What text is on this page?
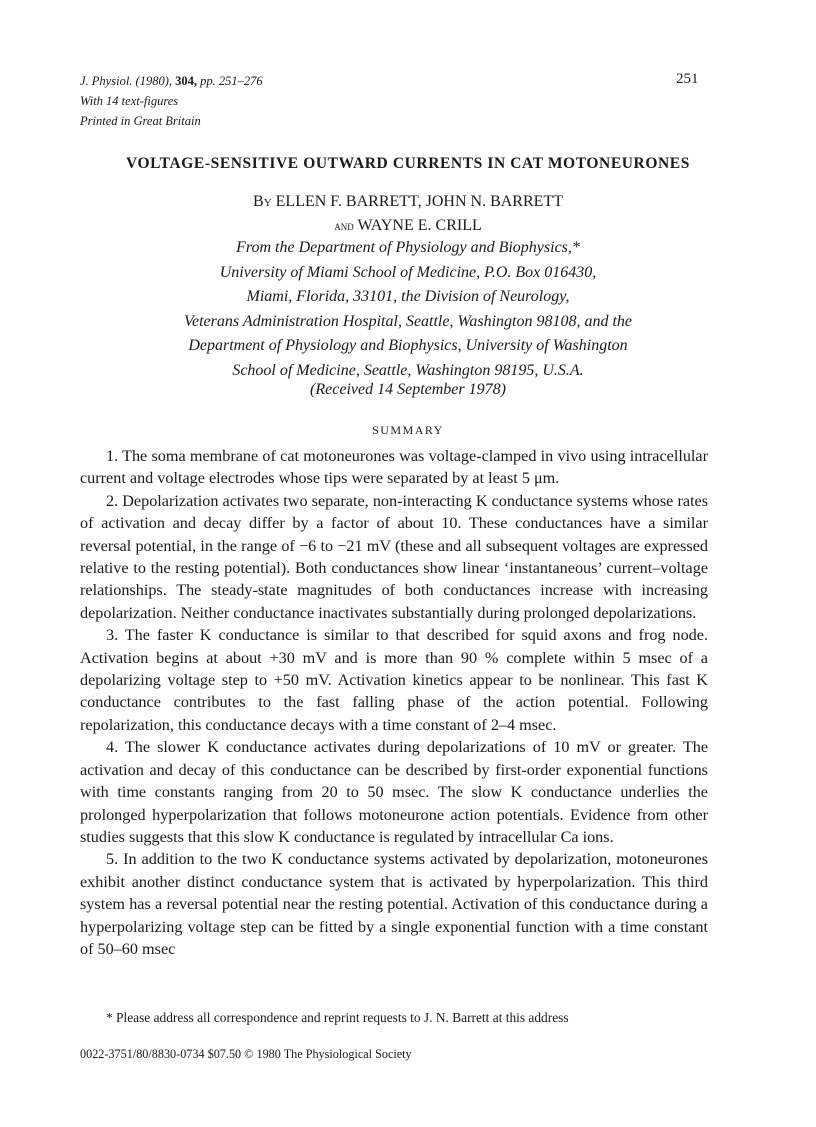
J. Physiol. (1980), 304, pp. 251–276
With 14 text-figures
Printed in Great Britain
251
VOLTAGE-SENSITIVE OUTWARD CURRENTS IN CAT MOTONEURONES
By ELLEN F. BARRETT, JOHN N. BARRETT
and WAYNE E. CRILL
From the Department of Physiology and Biophysics,*
University of Miami School of Medicine, P.O. Box 016430,
Miami, Florida, 33101, the Division of Neurology,
Veterans Administration Hospital, Seattle, Washington 98108, and the
Department of Physiology and Biophysics, University of Washington
School of Medicine, Seattle, Washington 98195, U.S.A.
(Received 14 September 1978)
SUMMARY

1. The soma membrane of cat motoneurones was voltage-clamped in vivo using intracellular current and voltage electrodes whose tips were separated by at least 5 μm.

2. Depolarization activates two separate, non-interacting K conductance systems whose rates of activation and decay differ by a factor of about 10. These conductances have a similar reversal potential, in the range of −6 to −21 mV (these and all subsequent voltages are expressed relative to the resting potential). Both conductances show linear ‘instantaneous’ current–voltage relationships. The steady-state magnitudes of both conductances increase with increasing depolarization. Neither conductance inactivates substantially during prolonged depolarizations.

3. The faster K conductance is similar to that described for squid axons and frog node. Activation begins at about +30 mV and is more than 90 % complete within 5 msec of a depolarizing voltage step to +50 mV. Activation kinetics appear to be nonlinear. This fast K conductance contributes to the fast falling phase of the action potential. Following repolarization, this conductance decays with a time constant of 2–4 msec.

4. The slower K conductance activates during depolarizations of 10 mV or greater. The activation and decay of this conductance can be described by first-order exponential functions with time constants ranging from 20 to 50 msec. The slow K conductance underlies the prolonged hyperpolarization that follows motoneurone action potentials. Evidence from other studies suggests that this slow K conductance is regulated by intracellular Ca ions.

5. In addition to the two K conductance systems activated by depolarization, motoneurones exhibit another distinct conductance system that is activated by hyperpolarization. This third system has a reversal potential near the resting potential. Activation of this conductance during a hyperpolarizing voltage step can be fitted by a single exponential function with a time constant of 50–60 msec

* Please address all correspondence and reprint requests to J. N. Barrett at this address
0022-3751/80/8830-0734 $07.50 © 1980 The Physiological Society
